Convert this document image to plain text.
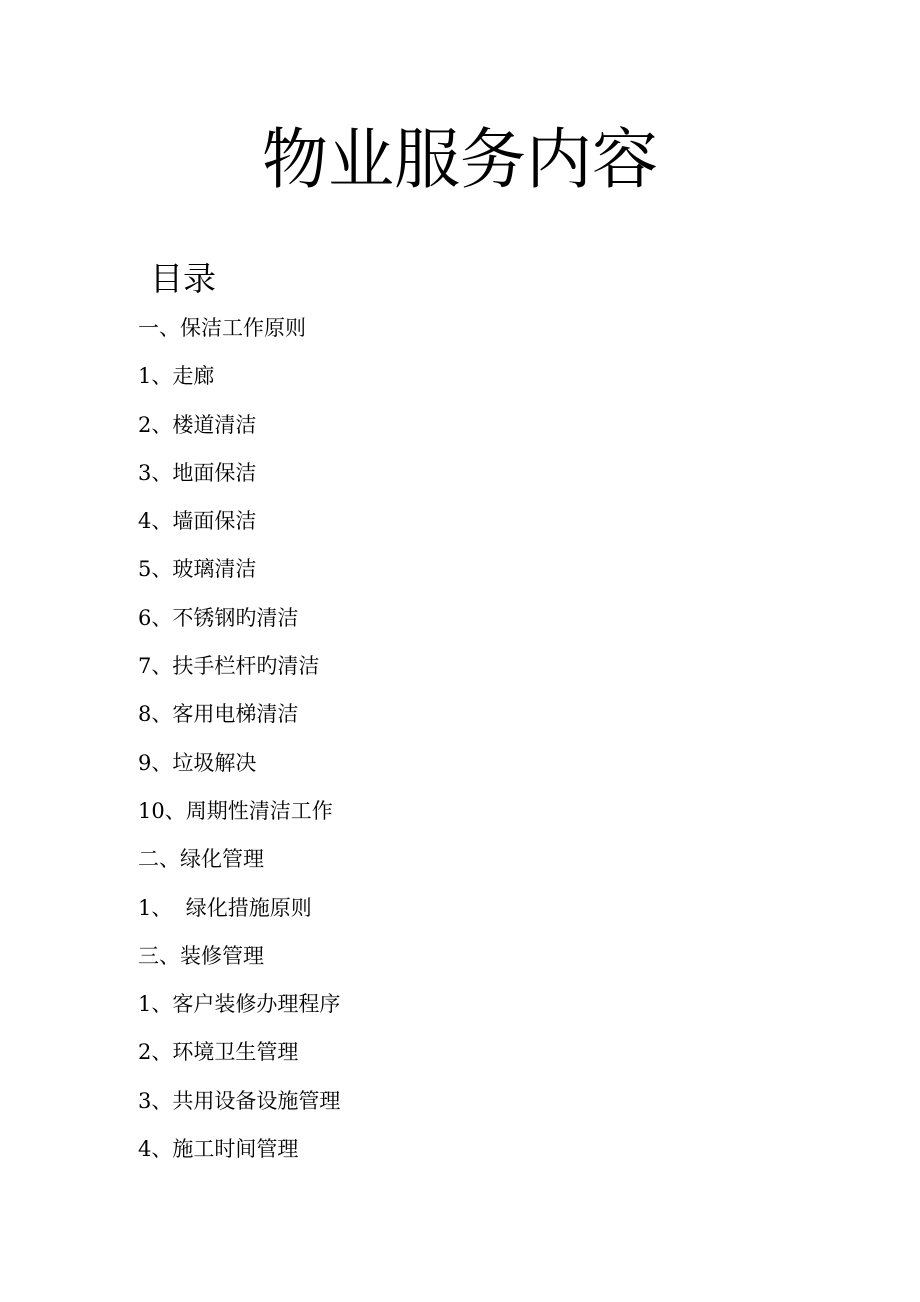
物业服务内容
目录
一、保洁工作原则
1、走廊
2、楼道清洁
3、地面保洁
4、墙面保洁
5、玻璃清洁
6、不锈钢旳清洁
7、扶手栏杆旳清洁
8、客用电梯清洁
9、垃圾解决
10、周期性清洁工作
二、绿化管理
1、  绿化措施原则
三、装修管理
1、客户装修办理程序
2、环境卫生管理
3、共用设备设施管理
4、施工时间管理
